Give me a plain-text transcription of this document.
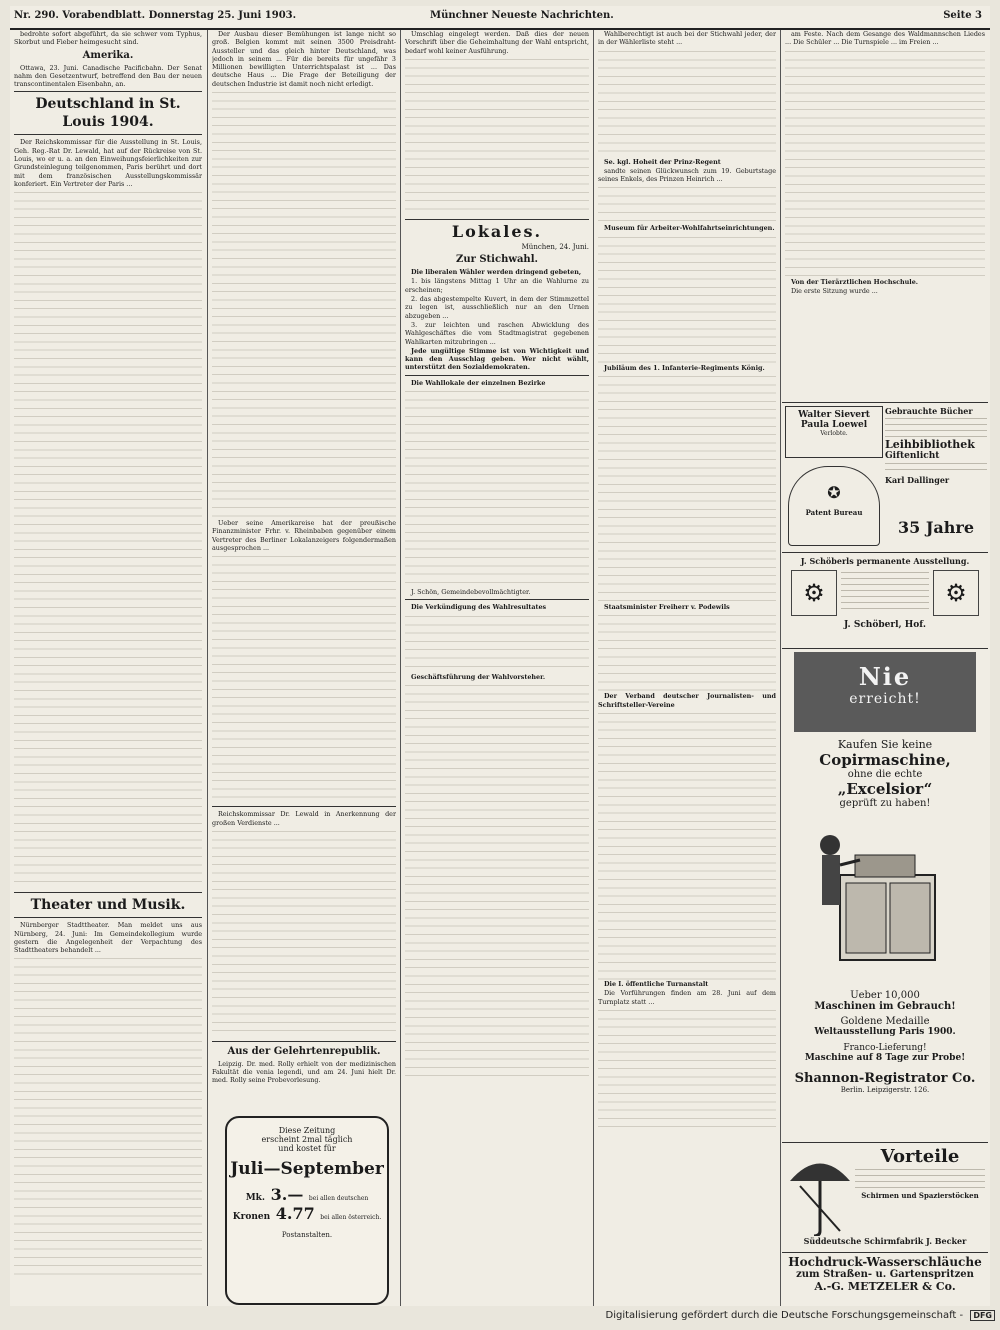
Nr. 290. Vorabendblatt. Donnerstag 25. Juni 1903.	Münchner Neueste Nachrichten.	Seite 3

bedrohte sofort abgeführt, da sie schwer vom Typhus, Skorbut und Fieber heimgesucht sind.

Amerika.

Ottawa, 23. Juni. Canadische Pacificbahn. Der Senat nahm den Gesetzentwurf, betreffend den Bau der neuen transcontinentalen Eisenbahn, an.

Deutschland in St. Louis 1904.

Der Reichskommissar für die Ausstellung in St. Louis, Geh. Reg.-Rat Dr. Lewald, hat auf der Rückreise von St. Louis, wo er u. a. an den Einweihungsfeierlichkeiten zur Grundsteinlegung teilgenommen, Paris berührt und dort mit dem französischen Ausstellungskommissär konferiert. Ein Vertreter der Paris ...

Theater und Musik.

Nürnberger Stadttheater. Man meldet uns aus Nürnberg, 24. Juni: Im Gemeindekollegium wurde gestern die Angelegenheit der Verpachtung des Stadttheaters behandelt ...

Der Ausbau dieser Bemühungen ist lange nicht so groß. Belgien kommt mit seinen 3500 Preisdraht-Aussteller und das gleich hinter Deutschland, was jedoch in seinem ... Für die bereits für ungefähr 3 Millionen bewilligten Unterrichtspalast ist ... Das deutsche Haus ... Die Frage der Beteiligung der deutschen Industrie ist damit noch nicht erledigt.

Ueber seine Amerikareise hat der preußische Finanzminister Frhr. v. Rheinbaben gegenüber einem Vertreter des Berliner Lokalanzeigers folgendermaßen ausgesprochen ...

Reichskommissar Dr. Lewald in Anerkennung der großen Verdienste ...

Aus der Gelehrtenrepublik.

Leipzig. Dr. med. Rolly erhielt von der medizinischen Fakultät die venia legendi, und am 24. Juni hielt Dr. med. Rolly seine Probevorlesung.

Diese Zeitung
erscheint 2mal täglich
und kostet für
Juli—September
Mk. 3.— bei allen deutschen
Kronen 4.77 bei allen österreich.
Postanstalten.

Umschlag eingelegt werden. Daß dies der neuen Vorschrift über die Geheimhaltung der Wahl entspricht, bedarf wohl keiner Ausführung.

Lokales.
München, 24. Juni.
Zur Stichwahl.

Die liberalen Wähler werden dringend gebeten,

1. bis längstens Mittag 1 Uhr an die Wahlurne zu erscheinen;

2. das abgestempelte Kuvert, in dem der Stimmzettel zu legen ist, ausschließlich nur an den Urnen abzugeben ...

3. zur leichten und raschen Abwicklung des Wahlgeschäftes die vom Stadtmagistrat gegebenen Wahlkarten mitzubringen ...

Jede ungültige Stimme ist von Wichtigkeit und kann den Ausschlag geben. Wer nicht wählt, unterstützt den Sozialdemokraten.

Die Wahllokale der einzelnen Bezirke

J. Schön, Gemeindebevollmächtigter.

Die Verkündigung des Wahlresultates

Geschäftsführung der Wahlvorsteher.

Wahlberechtigt ist auch bei der Stichwahl jeder, der in der Wählerliste steht ...

Se. kgl. Hoheit der Prinz-Regent

sandte seinen Glückwunsch zum 19. Geburtstage seines Enkels, des Prinzen Heinrich ...

Museum für Arbeiter-Wohlfahrtseinrichtungen.

Jubiläum des 1. Infanterie-Regiments König.

Staatsminister Freiherr v. Podewils

Der Verband deutscher Journalisten- und Schriftsteller-Vereine

Die I. öffentliche Turnanstalt

Die Vorführungen finden am 28. Juni auf dem Turnplatz statt ...

am Feste. Nach dem Gesange des Waldmannschen Liedes ... Die Schüler ... Die Turnspiele ... im Freien ...

Von der Tierärztlichen Hochschule.

Die erste Sitzung wurde ...

Walter Sievert
Paula Loewel
Verlobte.
Gebrauchte Bücher
Leihbibliothek
Giftenlicht
Karl Dallinger
✪
Patent Bureau
35 Jahre
J. Schöberls permanente Ausstellung.
⚙	⚙
J. Schöberl, Hof.
Nie
erreicht!
Kaufen Sie keine
Copirmaschine,
ohne die echte
„Excelsior“
geprüft zu haben!
Ueber 10,000
Maschinen im Gebrauch!
Goldene Medaille
Weltausstellung Paris 1900.
Franco-Lieferung!
Maschine auf 8 Tage zur Probe!
Shannon-Registrator Co.
Berlin. Leipzigerstr. 126.
Vorteile
Schirmen und Spazierstöcken
Süddeutsche Schirmfabrik J. Becker
Hochdruck-Wasserschläuche
zum Straßen- u. Gartenspritzen
A.-G. METZELER & Co.
Digitalisierung gefördert durch die Deutsche Forschungsgemeinschaft - DFG
